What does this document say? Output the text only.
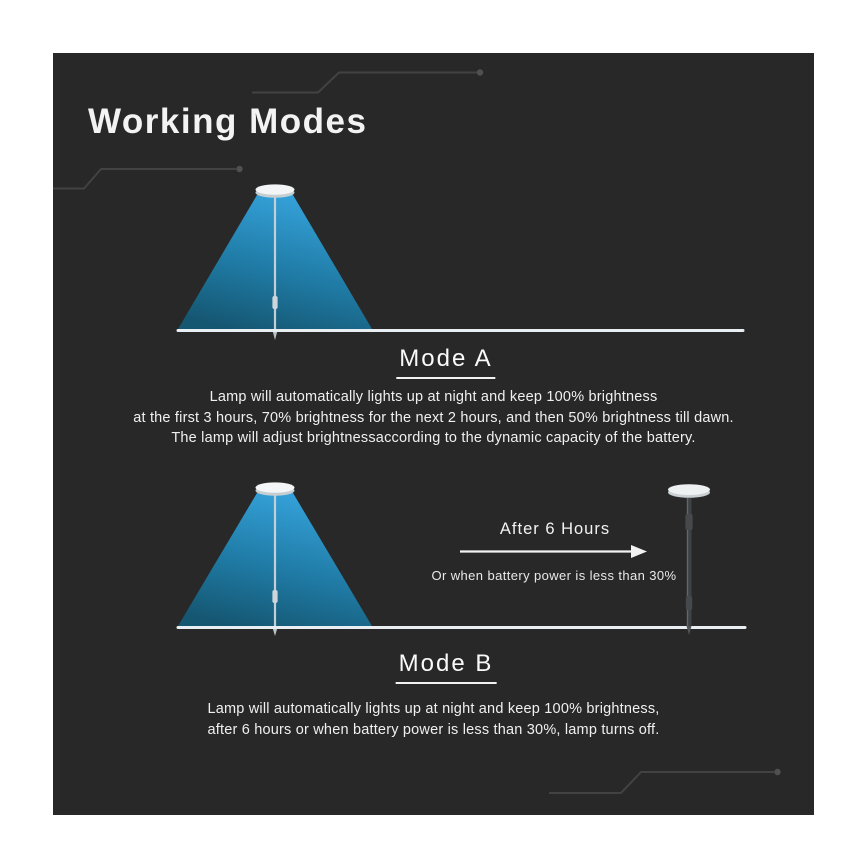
Working Modes
Mode A
Lamp will automatically lights up at night and keep 100% brightness
at the first 3 hours, 70% brightness for the next 2 hours, and then 50% brightness till dawn.
The lamp will adjust brightnessaccording to the dynamic capacity of the battery.
After 6 Hours
Or when battery power is less than 30%
Mode B
Lamp will automatically lights up at night and keep 100% brightness,
after 6 hours or when battery power is less than 30%, lamp turns off.
